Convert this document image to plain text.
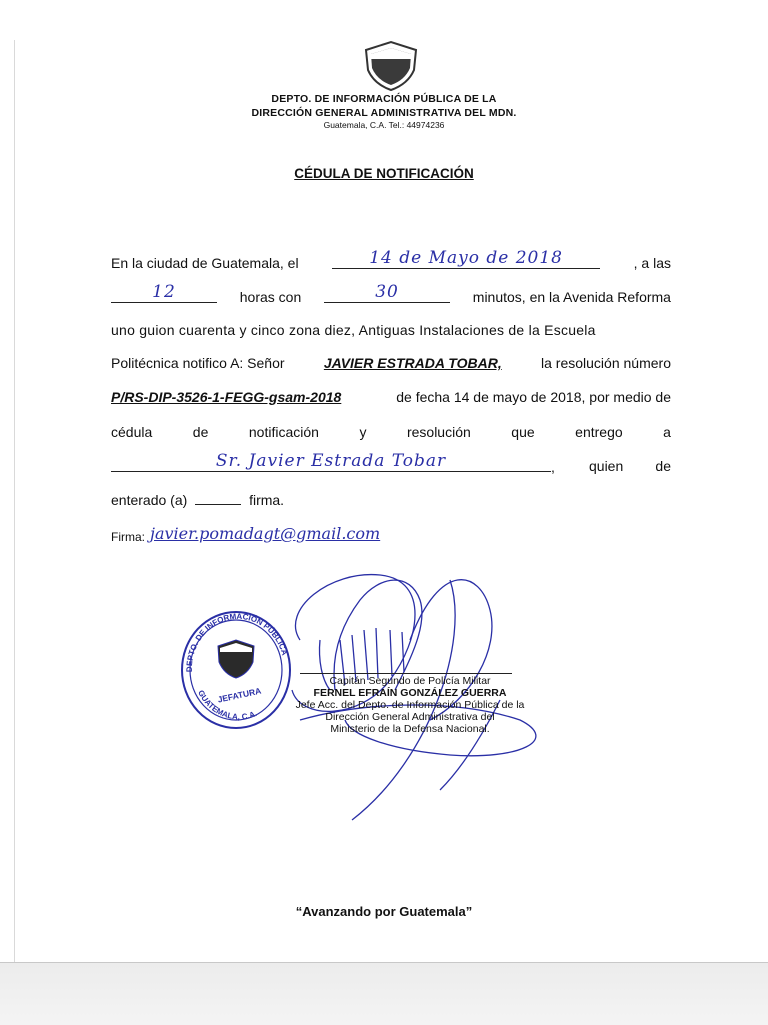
DEPTO. DE INFORMACIÓN PÚBLICA DE LA
DIRECCIÓN GENERAL ADMINISTRATIVA DEL MDN.
Guatemala, C.A. Tel.: 44974236
CÉDULA DE NOTIFICACIÓN
En la ciudad de Guatemala, el	14 de Mayo de 2018	, a las
12	horas con	30	minutos, en la Avenida Reforma
uno guion cuarenta y cinco zona diez, Antiguas Instalaciones de la Escuela
Politécnica notifico A: Señor	JAVIER ESTRADA TOBAR,	la resolución número
P/RS-DIP-3526-1-FEGG-gsam-2018	de fecha 14 de mayo de 2018, por medio de
cédula	de	notificación	y	resolución	que	entrego	a
Sr. Javier Estrada Tobar	, quien de
enterado (a)	firma.
Firma: javier.pomadagt@gmail.com
DEPTO. DE INFORMACIÓN PÚBLICA
GUATEMALA, C.A.
JEFATURA
Capitán Segundo de Policía Militar
FERNEL EFRAÍN GONZÁLEZ GUERRA
Jefe Acc. del Depto. de Información Pública de la
Dirección General Administrativa del
Ministerio de la Defensa Nacional.
“Avanzando por Guatemala”
